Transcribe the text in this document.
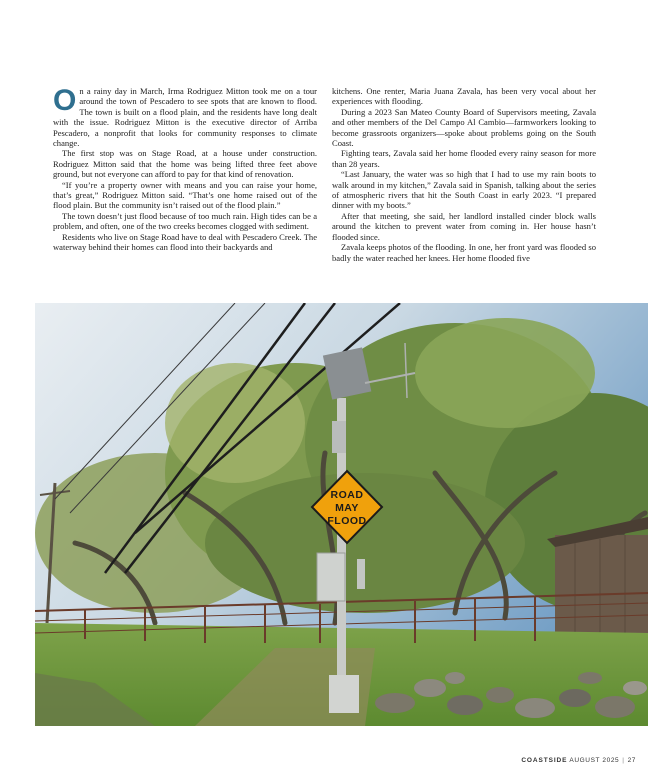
On a rainy day in March, Irma Rodriguez Mitton took me on a tour around the town of Pescadero to see spots that are known to flood. The town is built on a flood plain, and the residents have long dealt with the issue. Rodriguez Mitton is the executive director of Arriba Pescadero, a nonprofit that looks for community responses to climate change.

The first stop was on Stage Road, at a house under construction. Rodriguez Mitton said that the home was being lifted three feet above ground, but not everyone can afford to pay for that kind of renovation.

“If you’re a property owner with means and you can raise your home, that’s great,” Rodriguez Mitton said. “That’s one home raised out of the flood plain. But the community isn’t raised out of the flood plain.”

The town doesn’t just flood because of too much rain. High tides can be a problem, and often, one of the two creeks becomes clogged with sediment.

Residents who live on Stage Road have to deal with Pescadero Creek. The waterway behind their homes can flood into their backyards and

kitchens. One renter, Maria Juana Zavala, has been very vocal about her experiences with flooding.

During a 2023 San Mateo County Board of Supervisors meeting, Zavala and other members of the Del Campo Al Cambio—farmworkers looking to become grassroots organizers—spoke about problems going on the South Coast.

Fighting tears, Zavala said her home flooded every rainy season for more than 28 years.

“Last January, the water was so high that I had to use my rain boots to walk around in my kitchen,” Zavala said in Spanish, talking about the series of atmospheric rivers that hit the South Coast in early 2023. “I prepared dinner with my boots.”

After that meeting, she said, her landlord installed cinder block walls around the kitchen to prevent water from coming in. Her house hasn’t flooded since.

Zavala keeps photos of the flooding. In one, her front yard was flooded so badly the water reached her knees. Her home flooded five

ROAD
MAY
FLOOD
COASTSIDE AUGUST 2025 | 27
